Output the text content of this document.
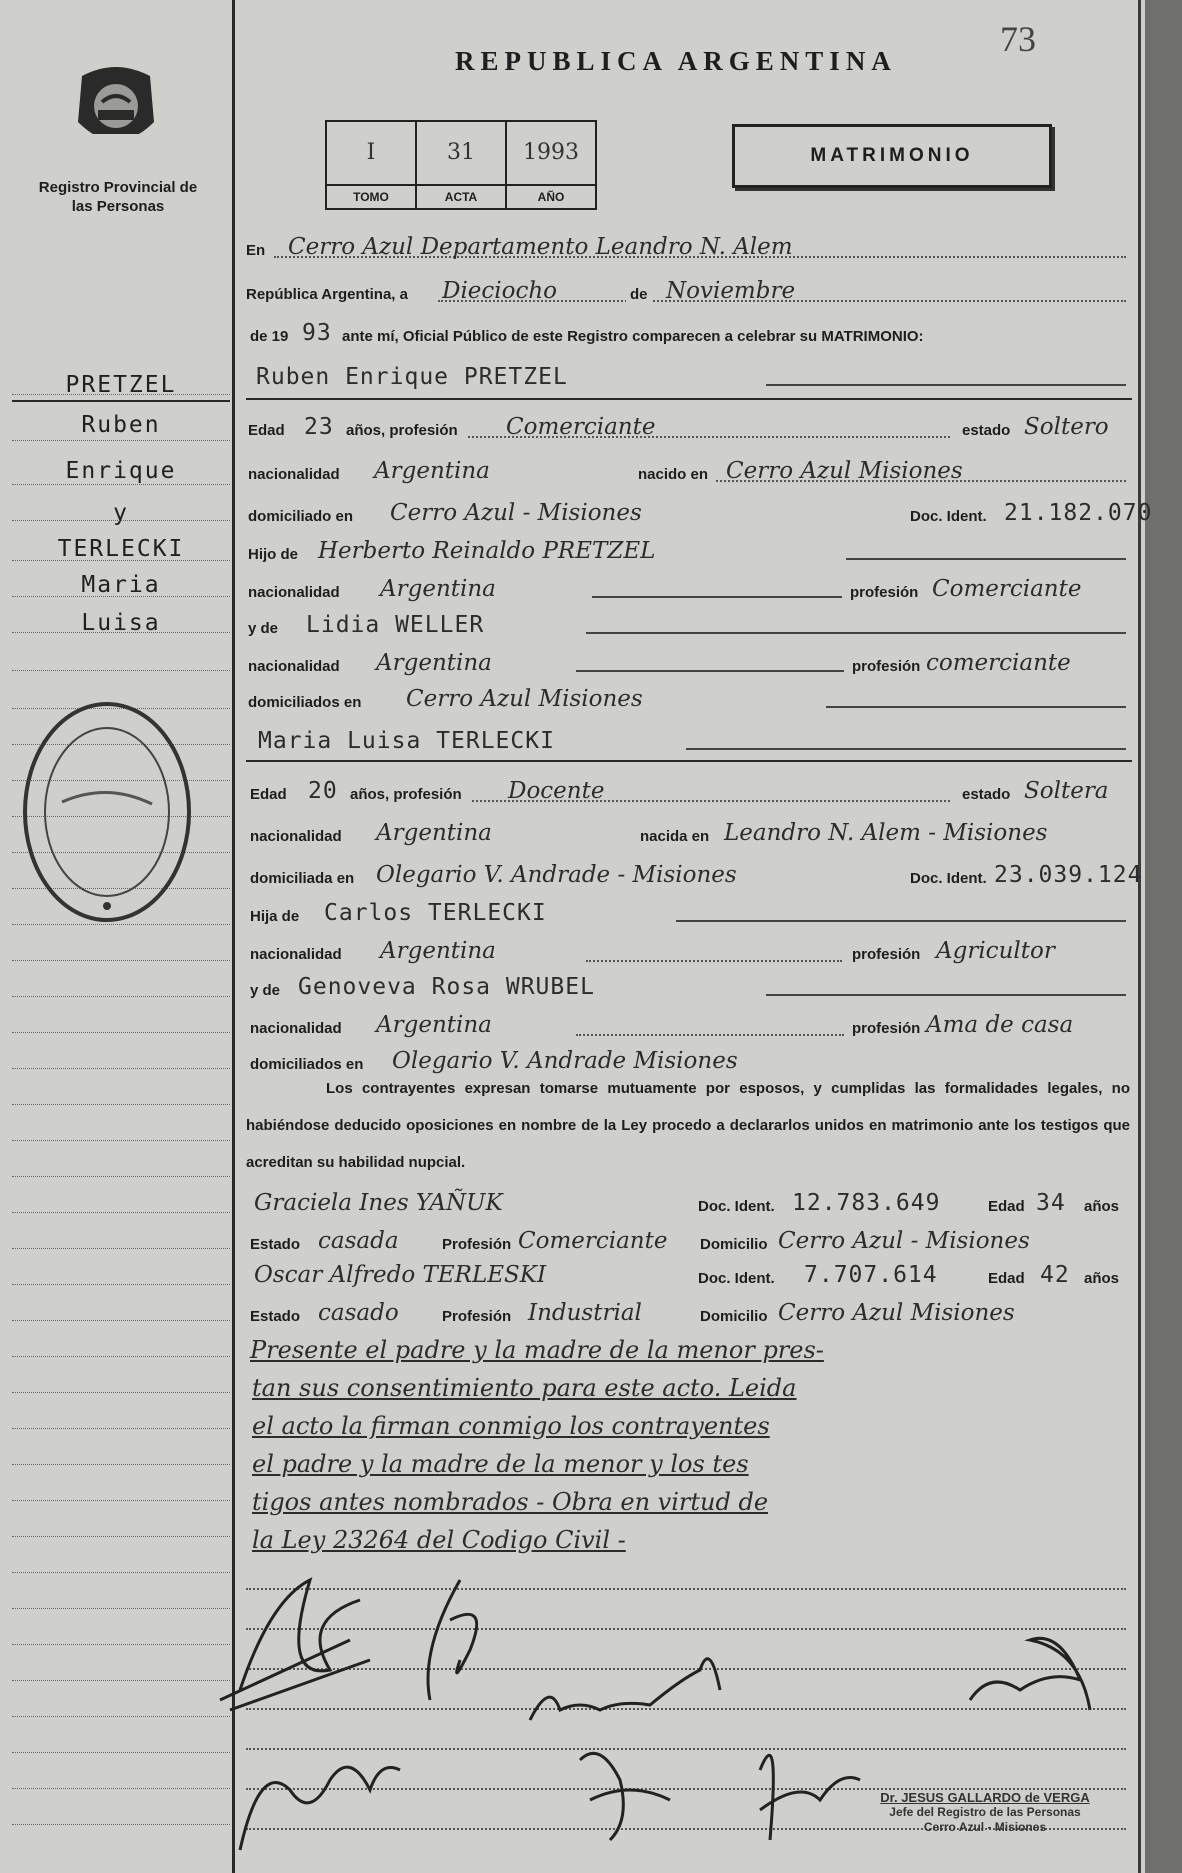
Registro Provincial de las Personas
PRETZEL
Ruben
Enrique
y
TERLECKI
Maria
Luisa
REPUBLICA ARGENTINA
73
I
TOMO
31
ACTA
1993
AÑO
MATRIMONIO
En Cerro Azul Departamento Leandro N. Alem
República Argentina, a Dieciocho	de Noviembre
de 19 93 ante mí, Oficial Público de este Registro comparecen a celebrar su MATRIMONIO:
Ruben Enrique PRETZEL
Edad 23 años, profesión Comerciante	estado Soltero
nacionalidad Argentina	nacido en Cerro Azul Misiones
domiciliado en Cerro Azul - Misiones	Doc. Ident. 21.182.070
Hijo de Herberto Reinaldo PRETZEL
nacionalidad Argentina	profesión Comerciante
y de Lidia WELLER
nacionalidad Argentina	profesión comerciante
domiciliados en Cerro Azul Misiones
Maria Luisa TERLECKI
Edad 20 años, profesión Docente	estado Soltera
nacionalidad Argentina	nacida en Leandro N. Alem - Misiones
domiciliada en Olegario V. Andrade - Misiones	Doc. Ident. 23.039.124
Hija de Carlos TERLECKI
nacionalidad Argentina	profesión Agricultor
y de Genoveva Rosa WRUBEL
nacionalidad Argentina	profesión Ama de casa
domiciliados en Olegario V. Andrade Misiones
Los contrayentes expresan tomarse mutuamente por esposos, y cumplidas las formalidades legales, no habiéndose deducido oposiciones en nombre de la Ley procedo a declararlos unidos en matrimonio ante los testigos que acreditan su habilidad nupcial.
Graciela Ines YAÑUK	Doc. Ident. 12.783.649	Edad 34 años
Estado casada	Profesión Comerciante Domicilio Cerro Azul - Misiones
Oscar Alfredo TERLESKI	Doc. Ident. 7.707.614	Edad 42 años
Estado casado	Profesión Industrial	Domicilio Cerro Azul Misiones
Presente el padre y la madre de la menor pres-
tan sus consentimiento para este acto. Leida
el acto la firman conmigo los contrayentes
el padre y la madre de la menor y los tes
tigos antes nombrados - Obra en virtud de
la Ley 23264 del Codigo Civil -
Dr. JESUS GALLARDO de VERGA
Jefe del Registro de las Personas
Cerro Azul - Misiones
